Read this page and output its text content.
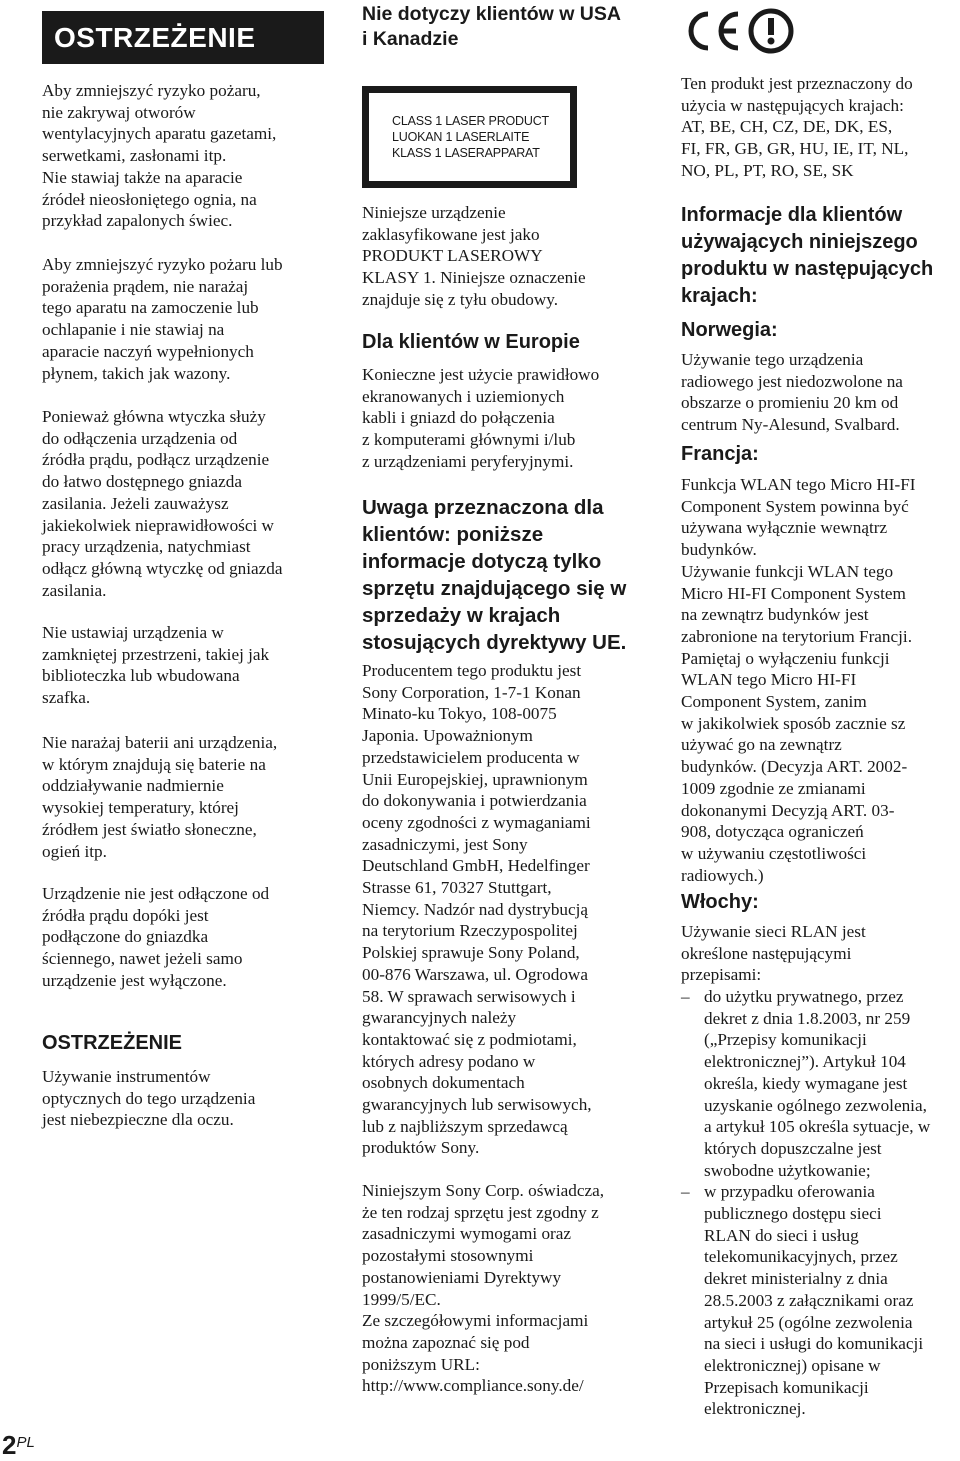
OSTRZEŻENIE

Aby zmniejszyć ryzyko pożaru,
nie zakrywaj otworów
wentylacyjnych aparatu gazetami,
serwetkami, zasłonami itp.
Nie stawiaj także na aparacie
źródeł nieosłoniętego ognia, na
przykład zapalonych świec.

Aby zmniejszyć ryzyko pożaru lub
porażenia prądem, nie narażaj
tego aparatu na zamoczenie lub
ochlapanie i nie stawiaj na
aparacie naczyń wypełnionych
płynem, takich jak wazony.

Ponieważ główna wtyczka służy
do odłączenia urządzenia od
źródła prądu, podłącz urządzenie
do łatwo dostępnego gniazda
zasilania. Jeżeli zauważysz
jakiekolwiek nieprawidłowości w
pracy urządzenia, natychmiast
odłącz główną wtyczkę od gniazda
zasilania.

Nie ustawiaj urządzenia w
zamkniętej przestrzeni, takiej jak
biblioteczka lub wbudowana
szafka.

Nie narażaj baterii ani urządzenia,
w którym znajdują się baterie na
oddziaływanie nadmiernie
wysokiej temperatury, której
źródłem jest światło słoneczne,
ogień itp.

Urządzenie nie jest odłączone od
źródła prądu dopóki jest
podłączone do gniazdka
ściennego, nawet jeżeli samo
urządzenie jest wyłączone.

OSTRZEŻENIE

Używanie instrumentów
optycznych do tego urządzenia
jest niebezpieczne dla oczu.

Nie dotyczy klientów w USA
i Kanadzie

Niniejsze urządzenie
zaklasyfikowane jest jako
PRODUKT LASEROWY
KLASY 1. Niniejsze oznaczenie
znajduje się z tyłu obudowy.

Dla klientów w Europie

Konieczne jest użycie prawidłowo
ekranowanych i uziemionych
kabli i gniazd do połączenia
z komputerami głównymi i/lub
z urządzeniami peryferyjnymi.

Uwaga przeznaczona dla
klientów: poniższe
informacje dotyczą tylko
sprzętu znajdującego się w
sprzedaży w krajach
stosujących dyrektywy UE.

Producentem tego produktu jest
Sony Corporation, 1-7-1 Konan
Minato-ku Tokyo, 108-0075
Japonia. Upoważnionym
przedstawicielem producenta w
Unii Europejskiej, uprawnionym
do dokonywania i potwierdzania
oceny zgodności z wymaganiami
zasadniczymi, jest Sony
Deutschland GmbH, Hedelfinger
Strasse 61, 70327 Stuttgart,
Niemcy. Nadzór nad dystrybucją
na terytorium Rzeczypospolitej
Polskiej sprawuje Sony Poland,
00-876 Warszawa, ul. Ogrodowa
58. W sprawach serwisowych i
gwarancyjnych należy
kontaktować się z podmiotami,
których adresy podano w
osobnych dokumentach
gwarancyjnych lub serwisowych,
lub z najbliższym sprzedawcą
produktów Sony.

Niniejszym Sony Corp. oświadcza,
że ten rodzaj sprzętu jest zgodny z
zasadniczymi wymogami oraz
pozostałymi stosownymi
postanowieniami Dyrektywy
1999/5/EC.
Ze szczegółowymi informacjami
można zapoznać się pod
poniższym URL:
http://www.compliance.sony.de/

CLASS 1 LASER PRODUCT
LUOKAN 1 LASERLAITE
KLASS 1 LASERAPPARAT

Ten produkt jest przeznaczony do
użycia w następujących krajach:
AT, BE, CH, CZ, DE, DK, ES,
FI, FR, GB, GR, HU, IE, IT, NL,
NO, PL, PT, RO, SE, SK

Informacje dla klientów
używających niniejszego
produktu w następujących
krajach:
Norwegia:

Używanie tego urządzenia
radiowego jest niedozwolone na
obszarze o promieniu 20 km od
centrum Ny-Alesund, Svalbard.

Francja:

Funkcja WLAN tego Micro HI-FI
Component System powinna być
używana wyłącznie wewnątrz
budynków.
Używanie funkcji WLAN tego
Micro HI-FI Component System
na zewnątrz budynków jest
zabronione na terytorium Francji.
Pamiętaj o wyłączeniu funkcji
WLAN tego Micro HI-FI
Component System, zanim
w jakikolwiek sposób zacznie sz
używać go na zewnątrz
budynków. (Decyzja ART. 2002-
1009 zgodnie ze zmianami
dokonanymi Decyzją ART. 03-
908, dotycząca ograniczeń
w używaniu częstotliwości
radiowych.)

Włochy:

Używanie sieci RLAN jest
określone następującymi
przepisami:

– do użytku prywatnego, przez
dekret z dnia 1.8.2003, nr 259
(„Przepisy komunikacji
elektronicznej”). Artykuł 104
określa, kiedy wymagane jest
uzyskanie ogólnego zezwolenia,
a artykuł 105 określa sytuacje, w
których dopuszczalne jest
swobodne użytkowanie;
– w przypadku oferowania
publicznego dostępu sieci
RLAN do sieci i usług
telekomunikacyjnych, przez
dekret ministerialny z dnia
28.5.2003 z załącznikami oraz
artykuł 25 (ogólne zezwolenia
na sieci i usługi do komunikacji
elektronicznej) opisane w
Przepisach komunikacji
elektronicznej.
2PL
